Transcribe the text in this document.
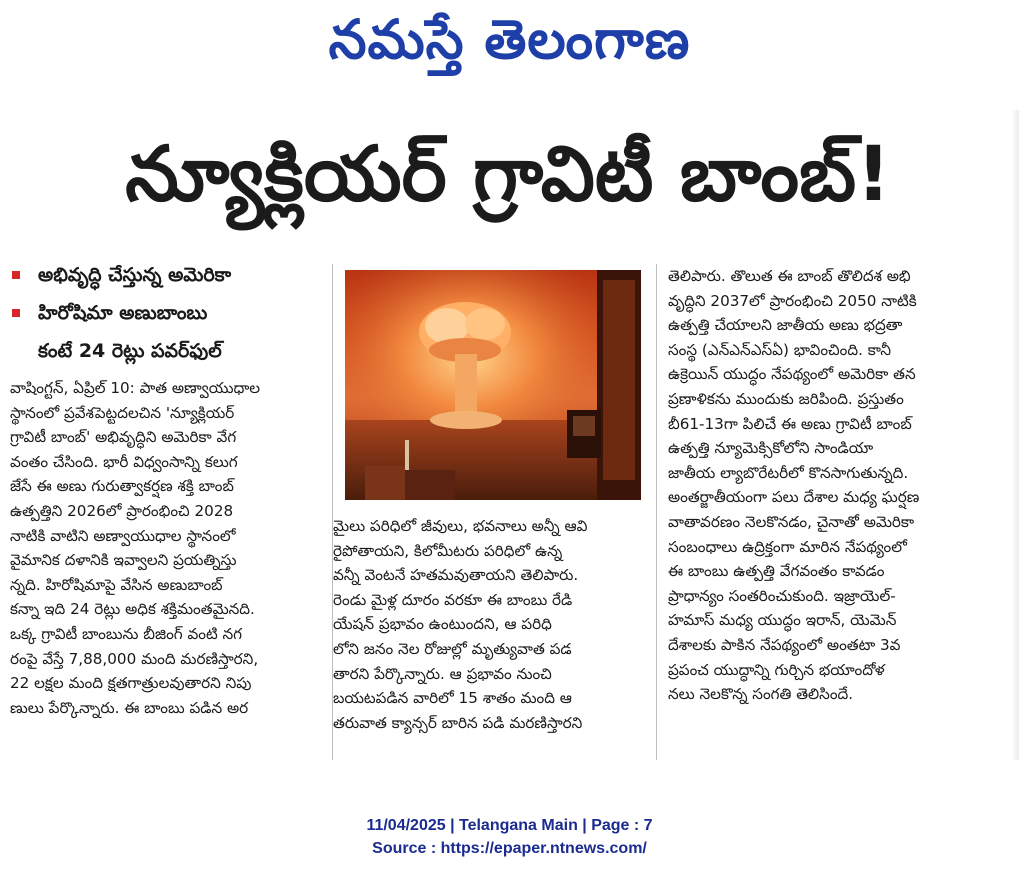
నమస్తే తెలంగాణ
న్యూక్లియర్ గ్రావిటీ బాంబ్!
అభివృద్ధి చేస్తున్న అమెరికా
హిరోషిమా అణుబాంబు
కంటే 24 రెట్లు పవర్‌ఫుల్
వాషింగ్టన్, ఏప్రిల్ 10: పాత అణ్వాయుధాల
స్థానంలో ప్రవేశపెట్టదలచిన 'న్యూక్లియర్
గ్రావిటీ బాంబ్' అభివృద్ధిని అమెరికా వేగ
వంతం చేసింది. భారీ విధ్వంసాన్ని కలుగ
జేసే ఈ అణు గురుత్వాకర్షణ శక్తి బాంబ్
ఉత్పత్తిని 2026లో ప్రారంభించి 2028
నాటికి వాటిని అణ్వాయుధాల స్థానంలో
వైమానిక దళానికి ఇవ్వాలని ప్రయత్నిస్తు
న్నది. హిరోషిమాపై వేసిన అణుబాంబ్
కన్నా ఇది 24 రెట్లు అధిక శక్తిమంతమైనది.
ఒక్క గ్రావిటీ బాంబును బీజింగ్ వంటి నగ
రంపై వేస్తే 7,88,000 మంది మరణిస్తారని,
22 లక్షల మంది క్షతగాత్రులవుతారని నిపు
ణులు పేర్కొన్నారు. ఈ బాంబు పడిన అర
మైలు పరిధిలో జీవులు, భవనాలు అన్నీ ఆవి
రైపోతాయని, కిలోమీటరు పరిధిలో ఉన్న
వన్నీ వెంటనే హతమవుతాయని తెలిపారు.
రెండు మైళ్ల దూరం వరకూ ఈ బాంబు రేడి
యేషన్ ప్రభావం ఉంటుందని, ఆ పరిధి
లోని జనం నెల రోజుల్లో మృత్యువాత పడ
తారని పేర్కొన్నారు. ఆ ప్రభావం నుంచి
బయటపడిన వారిలో 15 శాతం మంది ఆ
తరువాత క్యాన్సర్ బారిన పడి మరణిస్తారని
తెలిపారు. తొలుత ఈ బాంబ్ తొలిదశ అభి
వృద్ధిని 2037లో ప్రారంభించి 2050 నాటికి
ఉత్పత్తి చేయాలని జాతీయ అణు భద్రతా
సంస్థ (ఎన్ఎన్ఎస్ఏ) భావించింది. కానీ
ఉక్రెయిన్ యుద్ధం నేపథ్యంలో అమెరికా తన
ప్రణాళికను ముందుకు జరిపింది. ప్రస్తుతం
బీ61-13గా పిలిచే ఈ అణు గ్రావిటీ బాంబ్
ఉత్పత్తి న్యూమెక్సికోలోని సాండియా
జాతీయ ల్యాబొరేటరీలో కొనసాగుతున్నది.
అంతర్జాతీయంగా పలు దేశాల మధ్య ఘర్షణ
వాతావరణం నెలకొనడం, చైనాతో అమెరికా
సంబంధాలు ఉద్రిక్తంగా మారిన నేపథ్యంలో
ఈ బాంబు ఉత్పత్తి వేగవంతం కావడం
ప్రాధాన్యం సంతరించుకుంది. ఇజ్రాయెల్-
హమాస్ మధ్య యుద్ధం ఇరాన్, యెమెన్
దేశాలకు పాకిన నేపథ్యంలో అంతటా 3వ
ప్రపంచ యుద్ధాన్ని గుర్చిన భయాందోళ
నలు నెలకొన్న సంగతి తెలిసిందే.
11/04/2025 | Telangana Main | Page : 7
Source : https://epaper.ntnews.com/
